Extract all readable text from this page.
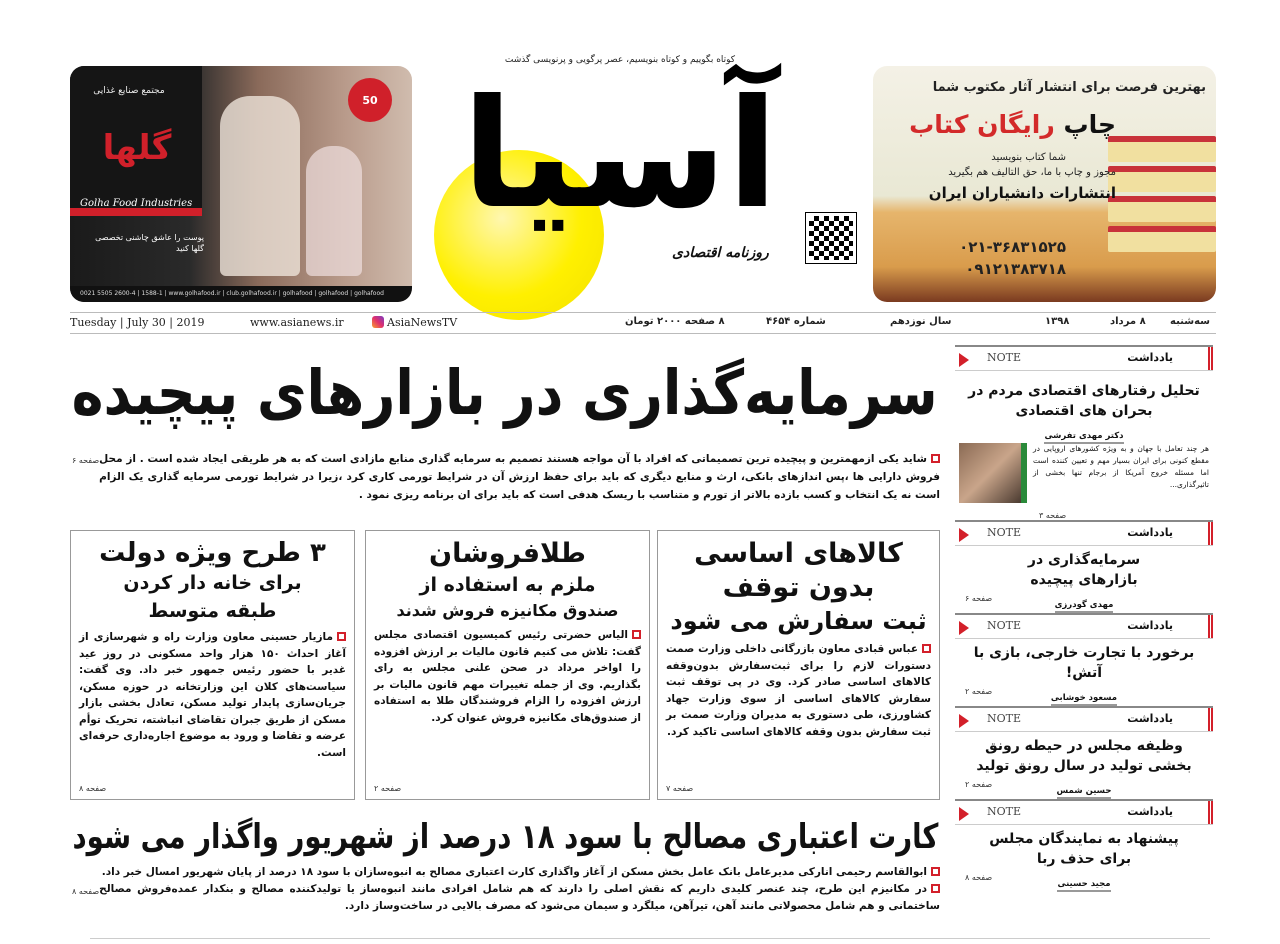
مجتمع صنایع غذایی
گلها
Golha Food Industries
پوست را عاشق چاشنی تخصصی گلها کنید
50
0021 5505 2600-4 | 1588-1 | www.golhafood.ir | club.golhafood.ir | golhafood | golhafood | golhafood
کوتاه بگوییم و کوتاه بنویسیم، عصر پرگویی و پرنویسی گذشت
آسیا
روزنامه اقتصادی
بهترین فرصت برای انتشار آثار مکتوب شما
چاپ رایگان کتاب
شما کتاب بنویسید
مجوز و چاپ با ما، حق التالیف هم بگیرید
انتشارات دانشیاران ایران
۰۲۱-۳۶۸۳۱۵۲۵
۰۹۱۲۱۳۸۳۷۱۸
Tuesday | July 30 | 2019	www.asianews.ir	AsiaNewsTV	۸ صفحه ۲۰۰۰ تومان	شماره ۴۶۵۴	سال نوزدهم	۱۳۹۸	۸ مرداد سه‌شنبه
سرمایه‌گذاری در بازارهای پیچیده
صفحه ۶ شاید یکی ازمهمترین و پیچیده ترین تصمیماتی که افراد با آن مواجه هستند تصمیم به سرمایه گذاری منابع مازادی است که به هر طریقی ایجاد شده است . از محل فروش دارایی ها ،پس اندازهای بانکی، ارث و منابع دیگری که باید برای حفظ ارزش آن در شرایط تورمی کاری کرد ،زیرا در شرایط تورمی سرمایه گذاری یک الزام است نه یک انتخاب و کسب بازده بالاتر از تورم و متناسب با ریسک هدفی است که باید برای ان برنامه ریزی نمود .
کالاهای اساسی
بدون توقف
ثبت سفارش می شود

عباس قبادی معاون بازرگانی داخلی وزارت صمت دستورات لازم را برای ثبت‌سفارش بدون‌وقفه کالاهای اساسی صادر کرد. وی در پی توقف ثبت سفارش کالاهای اساسی از سوی وزارت جهاد کشاورزی، طی دستوری به مدیران وزارت صمت بر ثبت سفارش بدون وقفه کالاهای اساسی تاکید کرد.

صفحه ۷
طلافروشان
ملزم به استفاده از
صندوق مکانیزه فروش شدند

الیاس حضرتی رئیس کمیسیون اقتصادی مجلس گفت: تلاش می کنیم قانون مالیات بر ارزش افزوده را اواخر مرداد در صحن علنی مجلس به رای بگذاریم. وی از جمله تغییرات مهم قانون مالیات بر ارزش افزوده را الزام فروشندگان طلا به استفاده از صندوق‌های مکانیزه فروش عنوان کرد.

صفحه ۲
۳ طرح ویژه دولت
برای خانه دار کردن
طبقه متوسط

مازیار حسینی معاون وزارت راه و شهرسازی از آغاز احداث ۱۵۰ هزار واحد مسکونی در روز عید غدیر با حضور رئیس جمهور خبر داد. وی گفت: سیاست‌های کلان این وزارتخانه در حوزه مسکن، جریان‌سازی پایدار تولید مسکن، تعادل بخشی بازار مسکن از طریق جبران تقاضای انباشته، تحریک توأم عرضه و تقاضا و ورود به موضوع اجاره‌داری حرفه‌ای است.

صفحه ۸
کارت اعتباری مصالح با سود ۱۸ درصد از شهریور واگذار می شود
ابوالقاسم رحیمی انارکی مدیرعامل بانک عامل بخش مسکن از آغاز واگذاری کارت اعتباری مصالح به انبوه‌سازان با سود ۱۸ درصد از پایان شهریور امسال خبر داد.
صفحه ۸ در مکانیزم این طرح، چند عنصر کلیدی داریم که نقش اصلی را دارند که هم شامل افرادی مانند انبوه‌ساز یا تولیدکننده مصالح و بنکدار عمده‌فروش مصالح ساختمانی و هم شامل محصولاتی مانند آهن، تیرآهن، میلگرد و سیمان می‌شود که مصرف بالایی در ساخت‌وساز دارد.
یادداشت
NOTE
تحلیل رفتارهای اقتصادی مردم در بحران های اقتصادی
دکتر مهدی تفرشی
هر چند تعامل با جهان و به ویژه کشورهای اروپایی در مقطع کنونی برای ایران بسیار مهم و تعیین کننده است اما مسئله خروج آمریکا از برجام تنها بخشی از تاثیرگذاری...
صفحه ۳
یادداشت
NOTE
سرمایه‌گذاری در بازارهای پیچیده
مهدی گودرزی
صفحه ۶
یادداشت
NOTE
برخورد با تجارت خارجی، بازی با آتش!
مسعود خوشابی
صفحه ۲
یادداشت
NOTE
وظیفه مجلس در حیطه رونق بخشی تولید در سال رونق تولید
حسین شمس
صفحه ۲
یادداشت
NOTE
پیشنهاد به نمایندگان مجلس برای حذف ربا
مجید حسینی
صفحه ۸
